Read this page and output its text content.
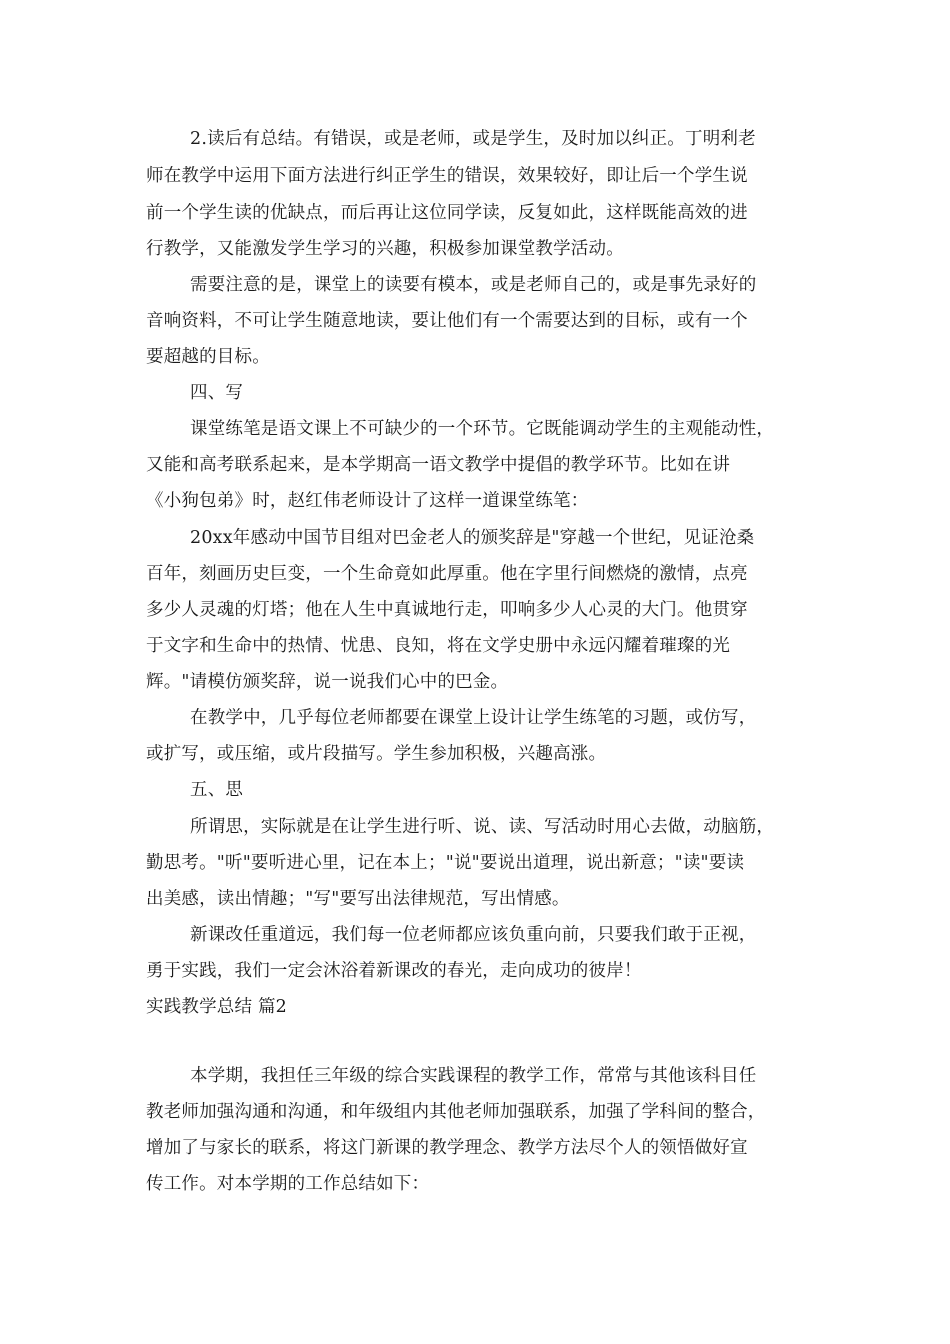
2.读后有总结。有错误，或是老师，或是学生，及时加以纠正。丁明利老
师在教学中运用下面方法进行纠正学生的错误，效果较好，即让后一个学生说
前一个学生读的优缺点，而后再让这位同学读，反复如此，这样既能高效的进
行教学，又能激发学生学习的兴趣，积极参加课堂教学活动。
需要注意的是，课堂上的读要有模本，或是老师自己的，或是事先录好的
音响资料，不可让学生随意地读，要让他们有一个需要达到的目标，或有一个
要超越的目标。
四、写
课堂练笔是语文课上不可缺少的一个环节。它既能调动学生的主观能动性，
又能和高考联系起来，是本学期高一语文教学中提倡的教学环节。比如在讲
《小狗包弟》时，赵红伟老师设计了这样一道课堂练笔：
20xx年感动中国节目组对巴金老人的颁奖辞是"穿越一个世纪，见证沧桑
百年，刻画历史巨变，一个生命竟如此厚重。他在字里行间燃烧的激情，点亮
多少人灵魂的灯塔；他在人生中真诚地行走，叩响多少人心灵的大门。他贯穿
于文字和生命中的热情、忧患、良知，将在文学史册中永远闪耀着璀璨的光
辉。"请模仿颁奖辞，说一说我们心中的巴金。
在教学中，几乎每位老师都要在课堂上设计让学生练笔的习题，或仿写，
或扩写，或压缩，或片段描写。学生参加积极，兴趣高涨。
五、思
所谓思，实际就是在让学生进行听、说、读、写活动时用心去做，动脑筋，
勤思考。"听"要听进心里，记在本上；"说"要说出道理，说出新意；"读"要读
出美感，读出情趣；"写"要写出法律规范，写出情感。
新课改任重道远，我们每一位老师都应该负重向前，只要我们敢于正视，
勇于实践，我们一定会沐浴着新课改的春光，走向成功的彼岸！
实践教学总结 篇2
本学期，我担任三年级的综合实践课程的教学工作，常常与其他该科目任
教老师加强沟通和沟通，和年级组内其他老师加强联系，加强了学科间的整合，
增加了与家长的联系，将这门新课的教学理念、教学方法尽个人的领悟做好宣
传工作。对本学期的工作总结如下：
